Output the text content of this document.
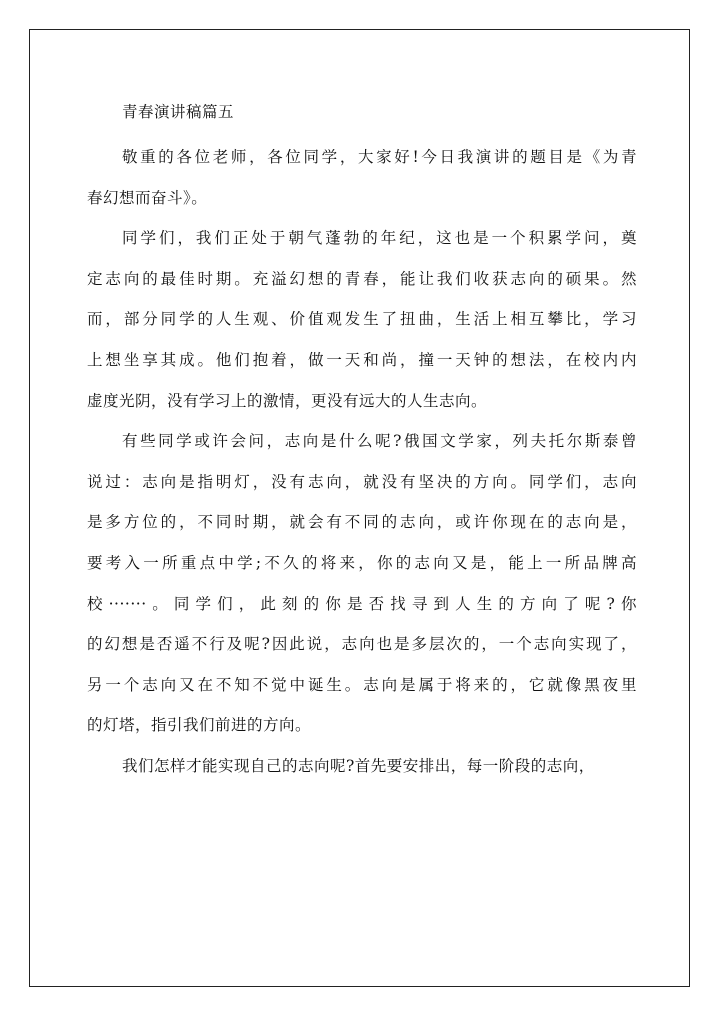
青春演讲稿篇五
敬重的各位老师，各位同学，大家好!今日我演讲的题目是《为青
春幻想而奋斗》。
同学们，我们正处于朝气蓬勃的年纪，这也是一个积累学问，奠
定志向的最佳时期。充溢幻想的青春，能让我们收获志向的硕果。然
而，部分同学的人生观、价值观发生了扭曲，生活上相互攀比，学习
上想坐享其成。他们抱着，做一天和尚，撞一天钟的想法，在校内内
虚度光阴，没有学习上的激情，更没有远大的人生志向。
有些同学或许会问，志向是什么呢?俄国文学家，列夫托尔斯泰曾
说过：志向是指明灯，没有志向，就没有坚决的方向。同学们，志向
是多方位的，不同时期，就会有不同的志向，或许你现在的志向是，
要考入一所重点中学;不久的将来，你的志向又是，能上一所品牌高
校·······。同学们，此刻的你是否找寻到人生的方向了呢?你
的幻想是否遥不行及呢?因此说，志向也是多层次的，一个志向实现了，
另一个志向又在不知不觉中诞生。志向是属于将来的，它就像黑夜里
的灯塔，指引我们前进的方向。
我们怎样才能实现自己的志向呢?首先要安排出，每一阶段的志向，
